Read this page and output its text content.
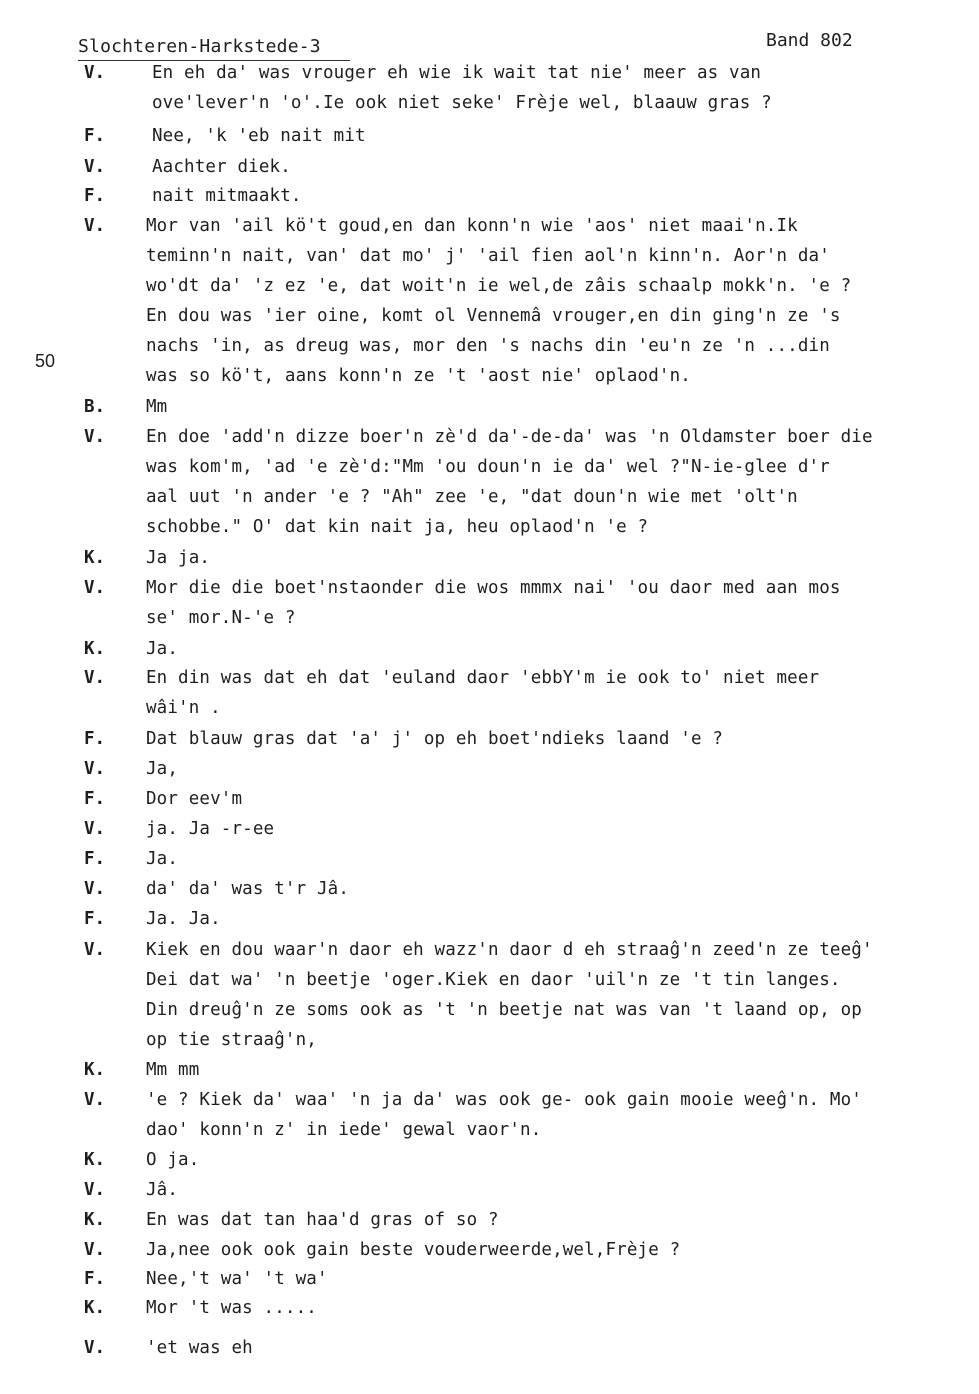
Slochteren-Harkstede-3	Band 802
50
V.	En eh da' was vrouger eh wie ik wait tat nie' meer as van
ove'lever'n 'o'.Ie ook niet seke' Frèje wel, blaauw gras ?
F.	Nee, 'k 'eb nait mit
V.	Aachter diek.
F.	nait mitmaakt.
V. Mor van 'ail kö't goud,en dan konn'n wie 'aos' niet maai'n.Ik
teminn'n nait, van' dat mo' j' 'ail fien aol'n kinn'n. Aor'n da'
wo'dt da' 'z ez 'e, dat woit'n ie wel,de zâis schaalp mokk'n. 'e ?
En dou was 'ier oine, komt ol Vennemâ vrouger,en din ging'n ze 's
nachs 'in, as dreug was, mor den 's nachs din 'eu'n ze 'n ...din
was so kö't, aans konn'n ze 't 'aost nie' oplaod'n.
B. Mm
V. En doe 'add'n dizze boer'n zè'd da'-de-da' was 'n Oldamster boer die
was kom'm, 'ad 'e zè'd:"Mm 'ou doun'n ie da' wel ?"N-ie-glee d'r
aal uut 'n ander 'e ? "Ah" zee 'e, "dat doun'n wie met 'olt'n
schobbe." O' dat kin nait ja, heu oplaod'n 'e ?
K. Ja ja.
V. Mor die die boet'nstaonder die wos mmmx nai' 'ou daor med aan mos
se' mor.N-'e ?
K. Ja.
V. En din was dat eh dat 'euland daor 'ebbY'm ie ook to' niet meer
wâi'n .
F. Dat blauw gras dat 'a' j' op eh boet'ndieks laand 'e ?
V. Ja,
F. Dor eev'm
V. ja. Ja -r-ee
F. Ja.
V. da' da' was t'r Jâ.
F. Ja. Ja.
V. Kiek en dou waar'n daor eh wazz'n daor d eh straaĝ'n zeed'n ze teeĝ'
Dei dat wa' 'n beetje 'oger.Kiek en daor 'uil'n ze 't tin langes.
Din dreuĝ'n ze soms ook as 't 'n beetje nat was van 't laand op, op
op tie straaĝ'n,
K. Mm mm
V. 'e ? Kiek da' waa' 'n ja da' was ook ge- ook gain mooie weeĝ'n. Mo'
dao' konn'n z' in iede' gewal vaor'n.
K. O ja.
V. Jâ.
K. En was dat tan haa'd gras of so ?
V. Ja,nee ook ook gain beste vouderweerde,wel,Frèje ?
F. Nee,'t wa' 't wa'
K. Mor 't was .....
V. 'et was eh
